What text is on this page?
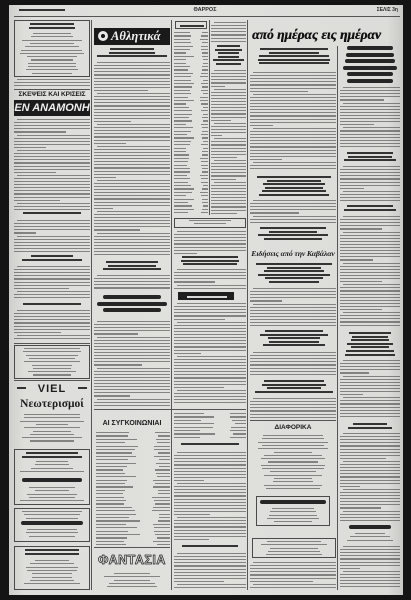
ΘΑΡΡΟΣ	ΣΕΛΙΣ 3η
ΣΚΕΨΕΙΣ ΚΑΙ ΚΡΙΣΕΙΣ
ΕΝ ΑΝΑΜΟΝΗ
Αθλητικά	από ημέρας εις ημέραν
VIEL
Νεωτερισμοί
ΑΙ ΣΥΓΚΟΙΝΩΝΙΑΙ
ΦΑΝΤΑΣΙΑ
Ειδήσεις από την Καβάλαν
ΔΙΑΦΟΡΙΚΑ
